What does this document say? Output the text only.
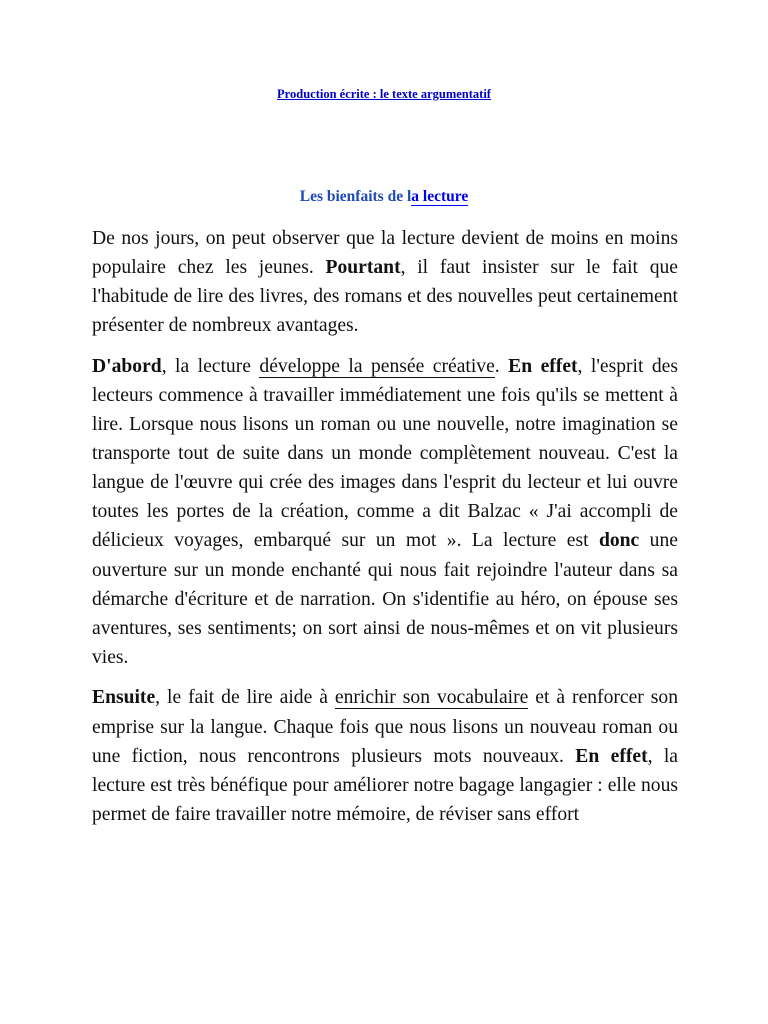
Production écrite : le texte argumentatif
Les bienfaits de la lecture

De nos jours, on peut observer que la lecture devient de moins en moins populaire chez les jeunes. Pourtant, il faut insister sur le fait que l'habitude de lire des livres, des romans et des nouvelles peut certainement présenter de nombreux avantages.

D'abord, la lecture développe la pensée créative. En effet, l'esprit des lecteurs commence à travailler immédiatement une fois qu'ils se mettent à lire. Lorsque nous lisons un roman ou une nouvelle, notre imagination se transporte tout de suite dans un monde complètement nouveau. C'est la langue de l'œuvre qui crée des images dans l'esprit du lecteur et lui ouvre toutes les portes de la création, comme a dit Balzac « J'ai accompli de délicieux voyages, embarqué sur un mot ». La lecture est donc une ouverture sur un monde enchanté qui nous fait rejoindre l'auteur dans sa démarche d'écriture et de narration. On s'identifie au héro, on épouse ses aventures, ses sentiments; on sort ainsi de nous-mêmes et on vit plusieurs vies.

Ensuite, le fait de lire aide à enrichir son vocabulaire et à renforcer son emprise sur la langue. Chaque fois que nous lisons un nouveau roman ou une fiction, nous rencontrons plusieurs mots nouveaux. En effet, la lecture est très bénéfique pour améliorer notre bagage langagier : elle nous permet de faire travailler notre mémoire, de réviser sans effort
